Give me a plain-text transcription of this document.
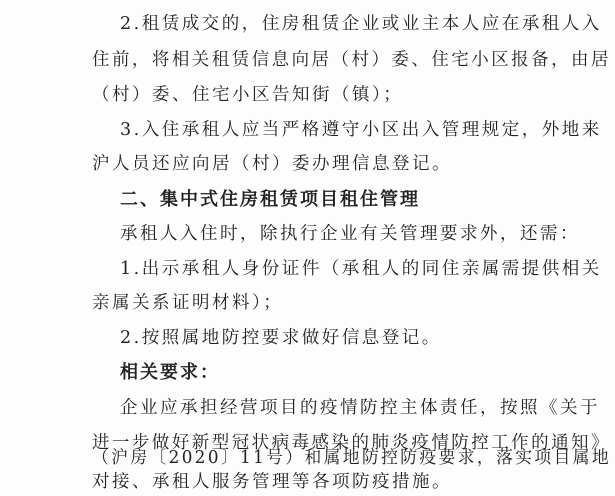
2.租赁成交的，住房租赁企业或业主本人应在承租人入
住前，将相关租赁信息向居（村）委、住宅小区报备，由居
（村）委、住宅小区告知街（镇）；
3.入住承租人应当严格遵守小区出入管理规定，外地来
沪人员还应向居（村）委办理信息登记。
二、集中式住房租赁项目租住管理
承租人入住时，除执行企业有关管理要求外，还需：
1.出示承租人身份证件（承租人的同住亲属需提供相关
亲属关系证明材料）；
2.按照属地防控要求做好信息登记。
相关要求：
企业应承担经营项目的疫情防控主体责任，按照《关于
进一步做好新型冠状病毒感染的肺炎疫情防控工作的通知》
（沪房〔2020〕11号）和属地防控防疫要求，落实项目属地
对接、承租人服务管理等各项防疫措施。
